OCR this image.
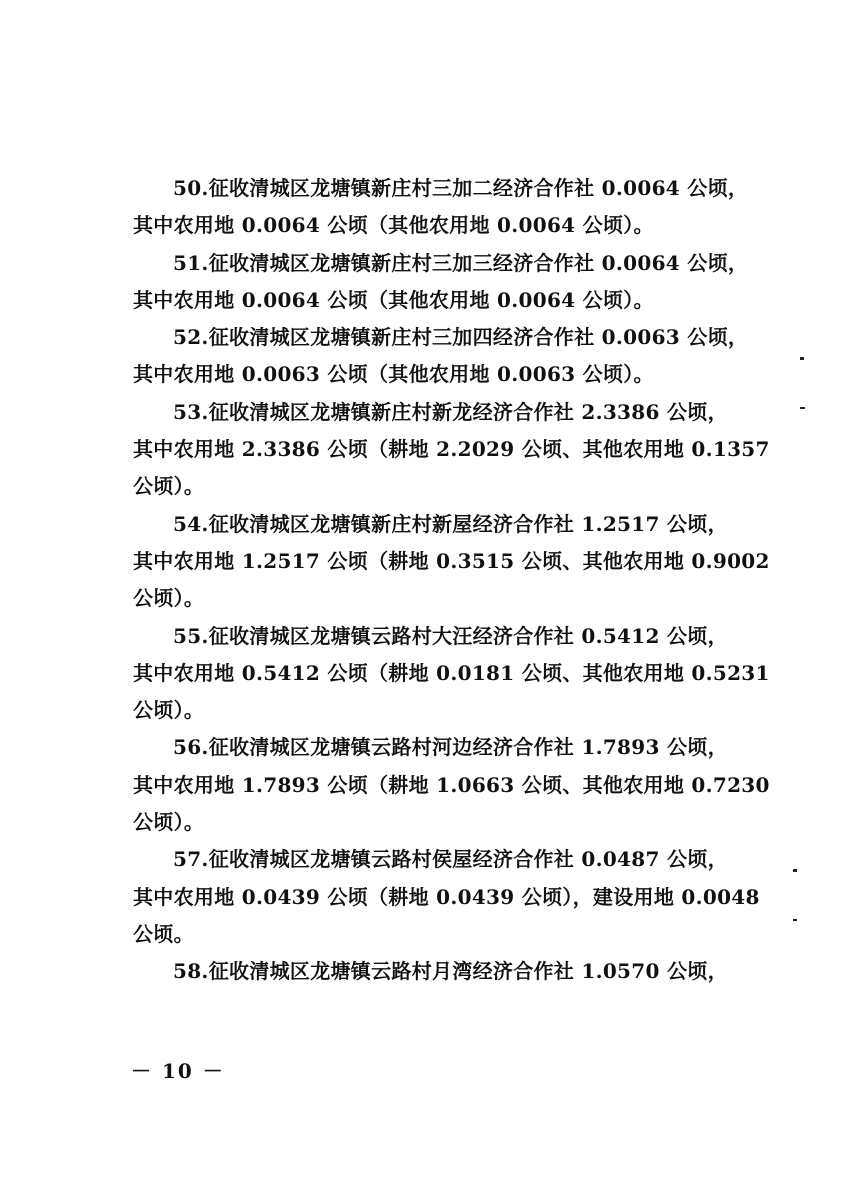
50.征收清城区龙塘镇新庄村三加二经济合作社 0.0064 公顷，
其中农用地 0.0064 公顷（其他农用地 0.0064 公顷）。

51.征收清城区龙塘镇新庄村三加三经济合作社 0.0064 公顷，
其中农用地 0.0064 公顷（其他农用地 0.0064 公顷）。

52.征收清城区龙塘镇新庄村三加四经济合作社 0.0063 公顷，
其中农用地 0.0063 公顷（其他农用地 0.0063 公顷）。

53.征收清城区龙塘镇新庄村新龙经济合作社 2.3386 公顷，
其中农用地 2.3386 公顷（耕地 2.2029 公顷、其他农用地 0.1357
公顷）。

54.征收清城区龙塘镇新庄村新屋经济合作社 1.2517 公顷，
其中农用地 1.2517 公顷（耕地 0.3515 公顷、其他农用地 0.9002
公顷）。

55.征收清城区龙塘镇云路村大汪经济合作社 0.5412 公顷，
其中农用地 0.5412 公顷（耕地 0.0181 公顷、其他农用地 0.5231
公顷）。

56.征收清城区龙塘镇云路村河边经济合作社 1.7893 公顷，
其中农用地 1.7893 公顷（耕地 1.0663 公顷、其他农用地 0.7230
公顷）。

57.征收清城区龙塘镇云路村侯屋经济合作社 0.0487 公顷，
其中农用地 0.0439 公顷（耕地 0.0439 公顷），建设用地 0.0048
公顷。

58.征收清城区龙塘镇云路村月湾经济合作社 1.0570 公顷，

－ 10 －
